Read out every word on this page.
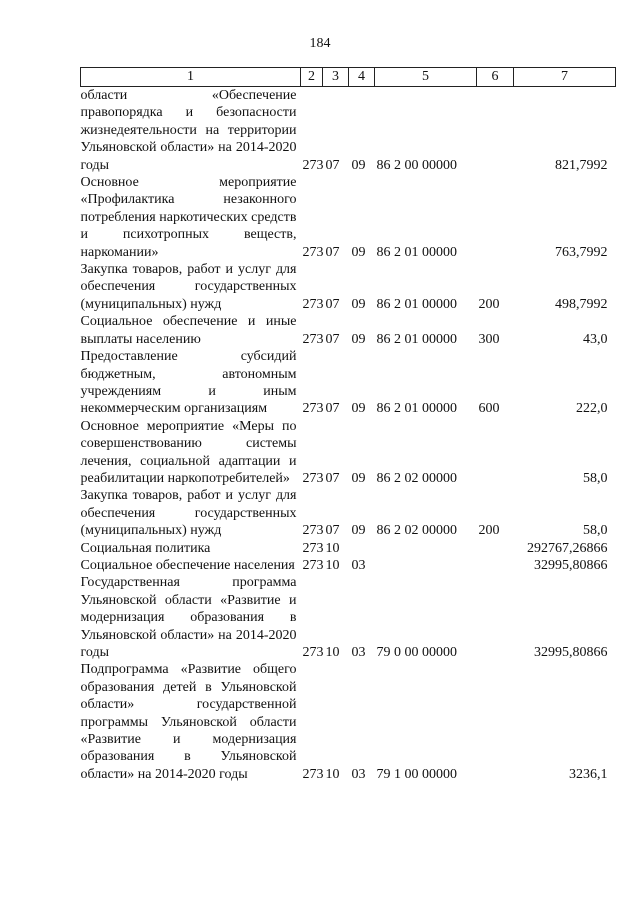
184
1	2	3	4	5	6	7
области «Обеспечение правопорядка и безопасности жизнедеятельности на территории Ульяновской области» на 2014-2020 годы	273	07	09	86 2 00 00000		821,7992
Основное мероприятие «Профилактика незаконного потребления наркотических средств и психотропных веществ, наркомании»	273	07	09	86 2 01 00000		763,7992
Закупка товаров, работ и услуг для обеспечения государственных (муниципальных) нужд	273	07	09	86 2 01 00000	200	498,7992
Социальное обеспечение и иные выплаты населению	273	07	09	86 2 01 00000	300	43,0
Предоставление субсидий бюджетным, автономным учреждениям и иным некоммерческим организациям	273	07	09	86 2 01 00000	600	222,0
Основное мероприятие «Меры по совершенствованию системы лечения, социальной адаптации и реабилитации наркопотребителей»	273	07	09	86 2 02 00000		58,0
Закупка товаров, работ и услуг для обеспечения государственных (муниципальных) нужд	273	07	09	86 2 02 00000	200	58,0
Социальная политика	273	10				292767,26866
Социальное обеспечение населения	273	10	03			32995,80866
Государственная программа Ульяновской области «Развитие и модернизация образования в Ульяновской области» на 2014-2020 годы	273	10	03	79 0 00 00000		32995,80866
Подпрограмма «Развитие общего образования детей в Ульяновской области» государственной программы Ульяновской области «Развитие и модернизация образования в Ульяновской области» на 2014-2020 годы	273	10	03	79 1 00 00000		3236,1
